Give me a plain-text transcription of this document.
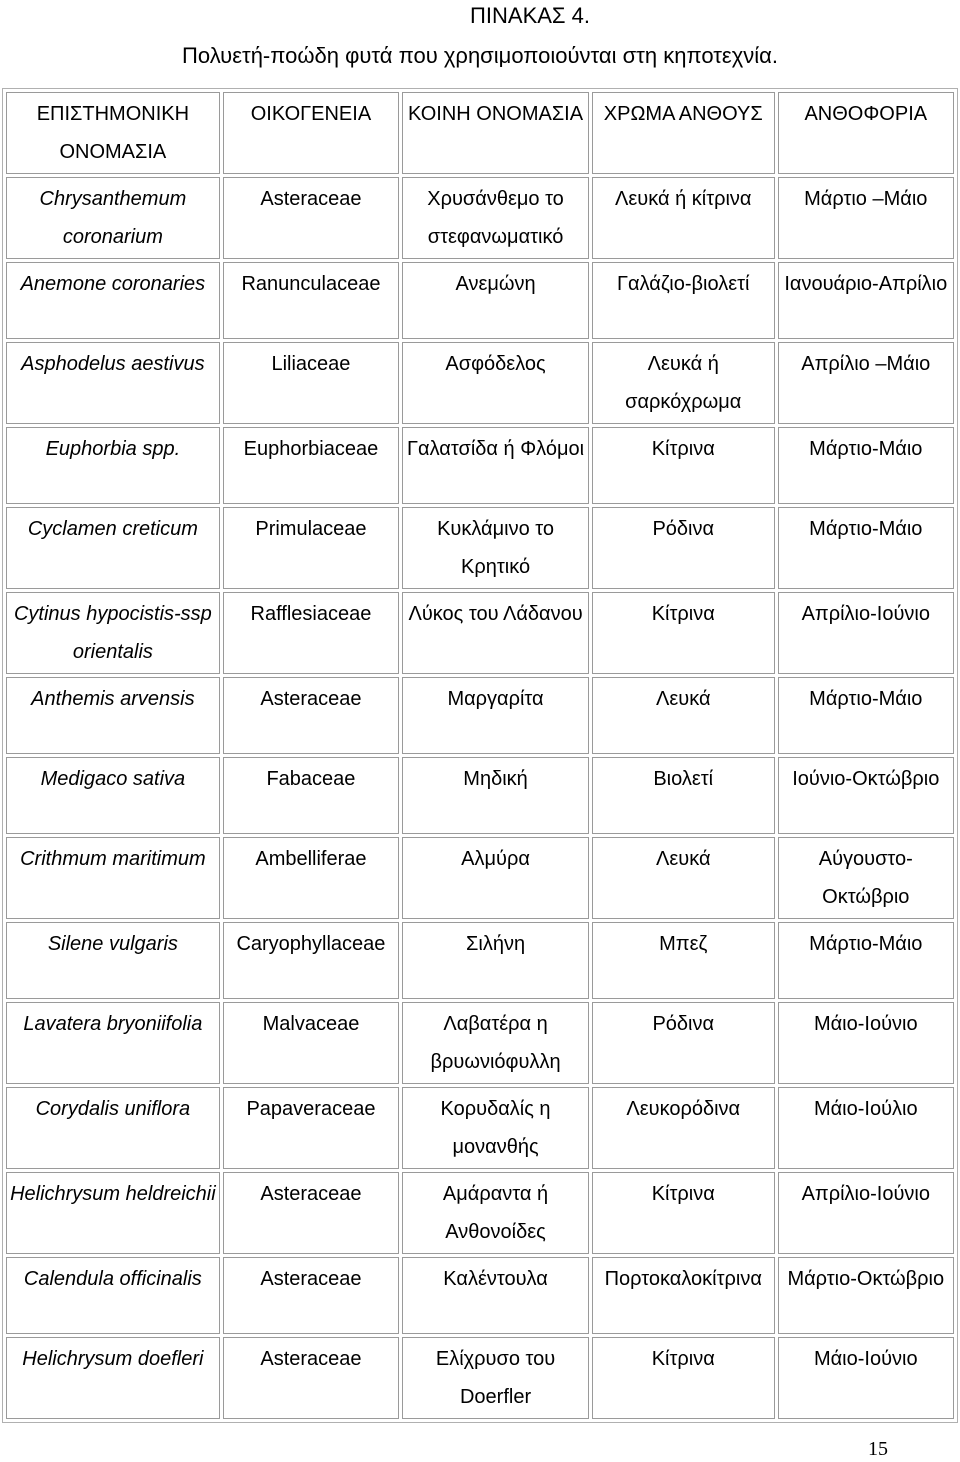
ΠΙΝΑΚΑΣ 4.
Πολυετή-ποώδη φυτά που χρησιμοποιούνται στη κηποτεχνία.
ΕΠΙΣΤΗΜΟΝΙΚΗ ΟΝΟΜΑΣΙΑ	ΟΙΚΟΓΕΝΕΙΑ	ΚΟΙΝΗ ΟΝΟΜΑΣΙΑ	ΧΡΩΜΑ ΑΝΘΟΥΣ	ΑΝΘΟΦΟΡΙΑ
Chrysanthemum coronarium	Asteraceae	Χρυσάνθεμο το στεφανωματικό	Λευκά ή κίτρινα	Μάρτιο –Μάιο
Anemone coronaries	Ranunculaceae	Ανεμώνη	Γαλάζιο-βιολετί	Ιανουάριο-Απρίλιο
Asphodelus aestivus	Liliaceae	Ασφόδελος	Λευκά ή σαρκόχρωμα	Απρίλιο –Μάιο
Euphorbia spp.	Euphorbiaceae	Γαλατσίδα ή Φλόμοι	Κίτρινα	Μάρτιο-Μάιο
Cyclamen creticum	Primulaceae	Κυκλάμινο το Κρητικό	Ρόδινα	Μάρτιο-Μάιο
Cytinus hypocistis-ssp orientalis	Rafflesiaceae	Λύκος του Λάδανου	Κίτρινα	Απρίλιο-Ιούνιο
Anthemis arvensis	Asteraceae	Μαργαρίτα	Λευκά	Μάρτιο-Μάιο
Medigaco sativa	Fabaceae	Μηδική	Βιολετί	Ιούνιο-Οκτώβριο
Crithmum maritimum	Ambelliferae	Αλμύρα	Λευκά	Αύγουστο-Οκτώβριο
Silene vulgaris	Caryophyllaceae	Σιλήνη	Μπεζ	Μάρτιο-Μάιο
Lavatera bryoniifolia	Malvaceae	Λαβατέρα η βρυωνιόφυλλη	Ρόδινα	Μάιο-Ιούνιο
Corydalis uniflora	Papaveraceae	Κορυδαλίς η μονανθής	Λευκορόδινα	Μάιο-Ιούλιο
Helichrysum heldreichii	Asteraceae	Αμάραντα ή Ανθονοίδες	Κίτρινα	Απρίλιο-Ιούνιο
Calendula officinalis	Asteraceae	Καλέντουλα	Πορτοκαλοκίτρινα	Μάρτιο-Οκτώβριο
Helichrysum doefleri	Asteraceae	Ελίχρυσο του Doerfler	Κίτρινα	Μάιο-Ιούνιο
15
